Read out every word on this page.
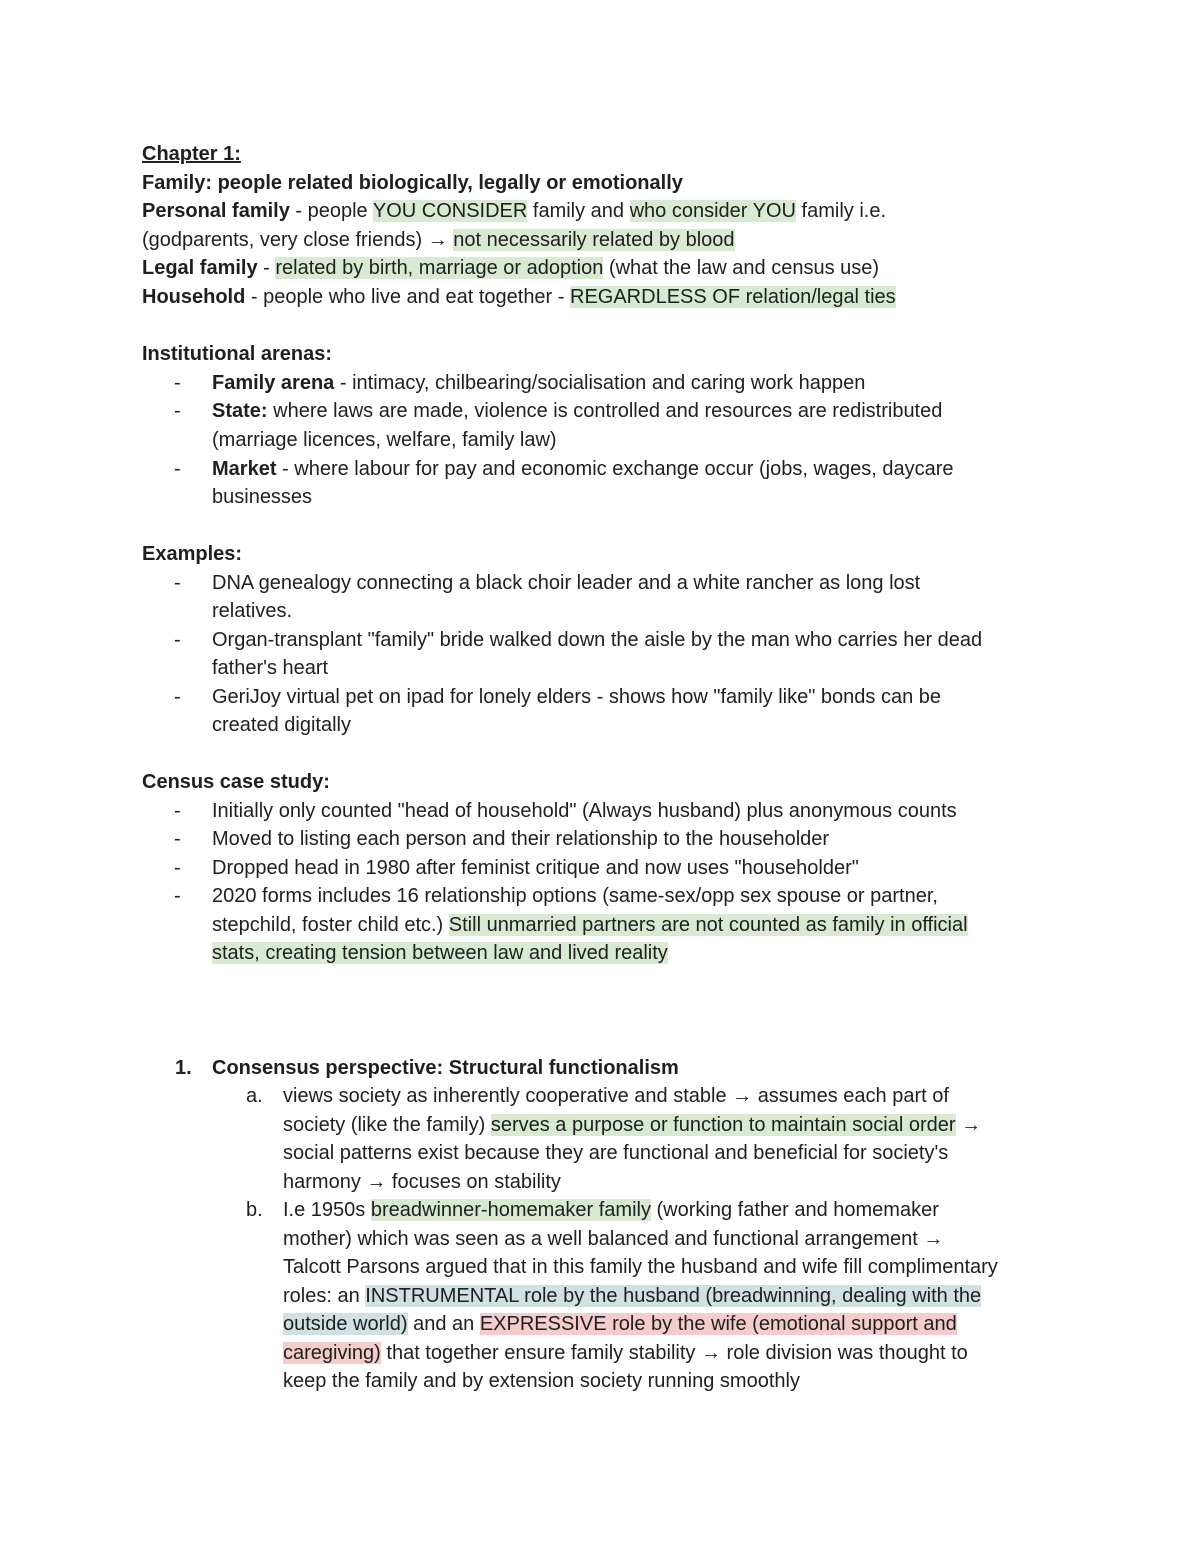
Chapter 1:
Family: people related biologically, legally or emotionally
Personal family - people YOU CONSIDER family and who consider YOU family i.e.
(godparents, very close friends) → not necessarily related by blood
Legal family - related by birth, marriage or adoption (what the law and census use)
Household - people who live and eat together - REGARDLESS OF relation/legal ties
Institutional arenas:
- Family arena - intimacy, chilbearing/socialisation and caring work happen
- State: where laws are made, violence is controlled and resources are redistributed
(marriage licences, welfare, family law)
- Market - where labour for pay and economic exchange occur (jobs, wages, daycare
businesses
Examples:
- DNA genealogy connecting a black choir leader and a white rancher as long lost
relatives.
- Organ-transplant "family" bride walked down the aisle by the man who carries her dead
father's heart
- GeriJoy virtual pet on ipad for lonely elders - shows how "family like" bonds can be
created digitally
Census case study:
- Initially only counted "head of household" (Always husband) plus anonymous counts
- Moved to listing each person and their relationship to the householder
- Dropped head in 1980 after feminist critique and now uses "householder"
- 2020 forms includes 16 relationship options (same-sex/opp sex spouse or partner,
stepchild, foster child etc.) Still unmarried partners are not counted as family in official
stats, creating tension between law and lived reality
1. Consensus perspective: Structural functionalism
a. views society as inherently cooperative and stable → assumes each part of
society (like the family) serves a purpose or function to maintain social order →
social patterns exist because they are functional and beneficial for society's
harmony → focuses on stability
b. I.e 1950s breadwinner-homemaker family (working father and homemaker
mother) which was seen as a well balanced and functional arrangement →
Talcott Parsons argued that in this family the husband and wife fill complimentary
roles: an INSTRUMENTAL role by the husband (breadwinning, dealing with the
outside world) and an EXPRESSIVE role by the wife (emotional support and
caregiving) that together ensure family stability → role division was thought to
keep the family and by extension society running smoothly
